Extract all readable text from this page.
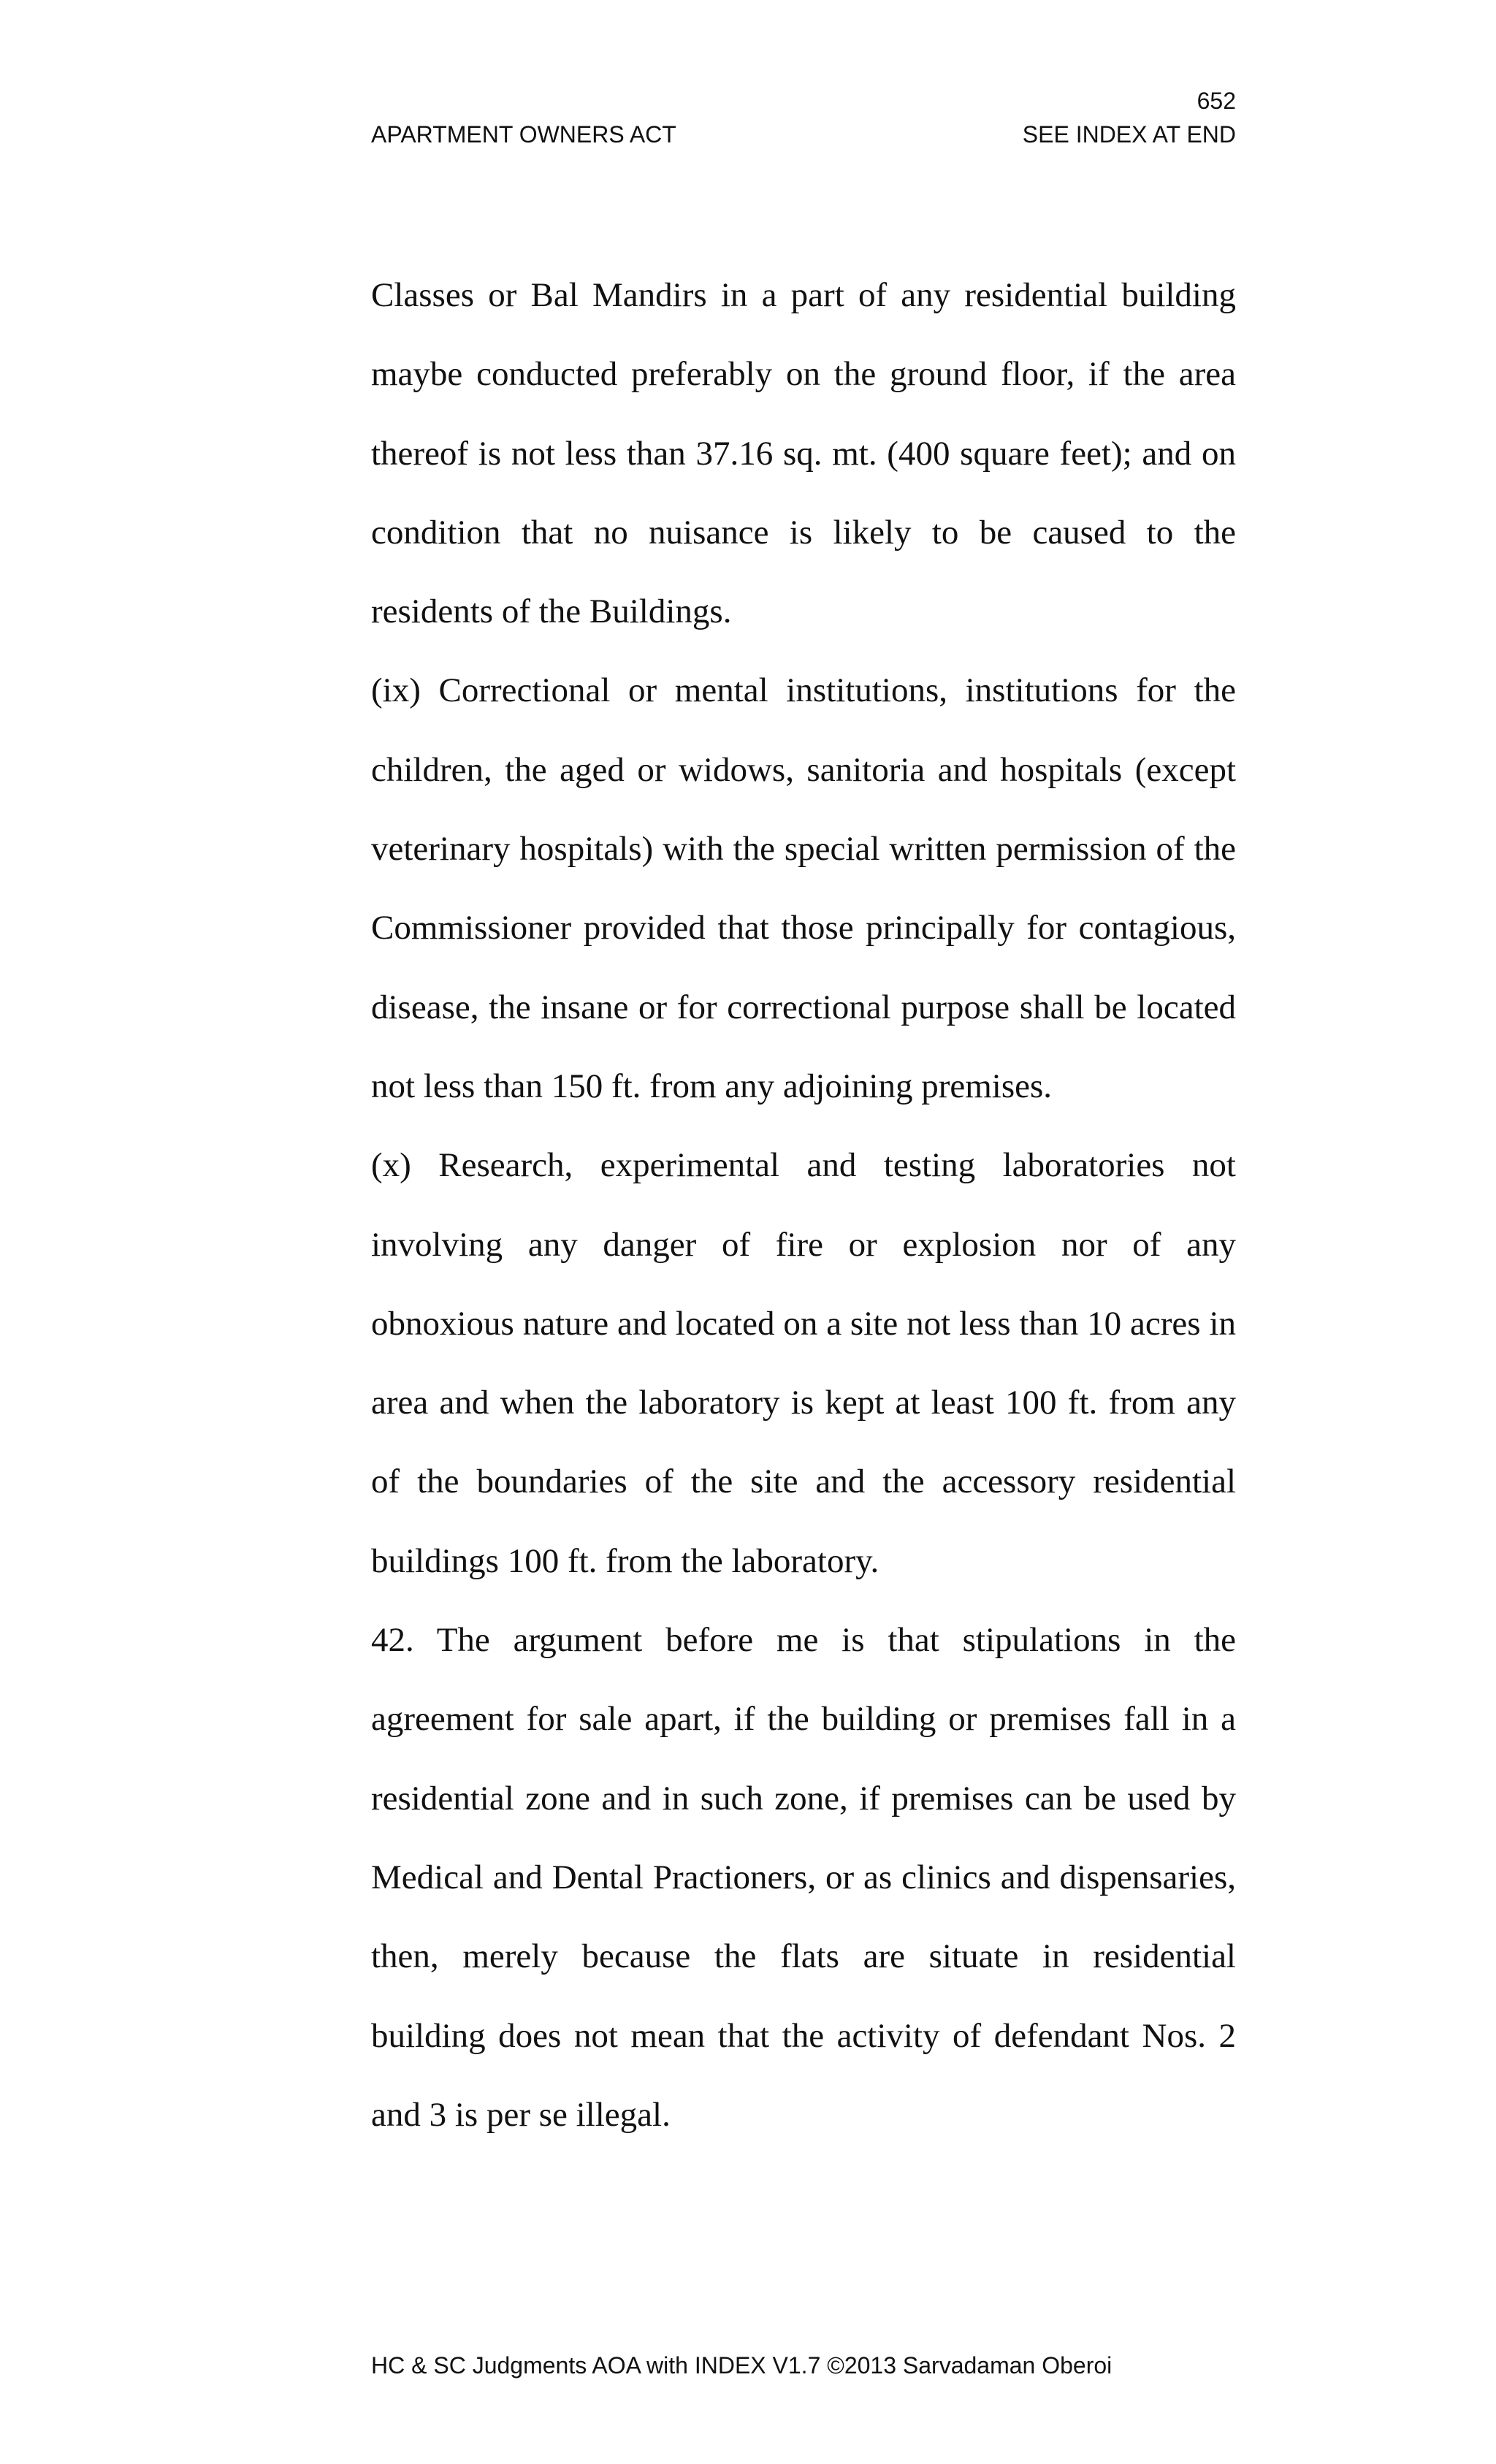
652
APARTMENT OWNERS ACT	SEE INDEX AT END

Classes or Bal Mandirs in a part of any residential building maybe conducted preferably on the ground floor, if the area thereof is not less than 37.16 sq. mt. (400 square feet); and on condition that no nuisance is likely to be caused to the residents of the Buildings.

(ix) Correctional or mental institutions, institutions for the children, the aged or widows, sanitoria and hospitals (except veterinary hospitals) with the special written permission of the Commissioner provided that those principally for contagious, disease, the insane or for correctional purpose shall be located not less than 150 ft. from any adjoining premises.

(x) Research, experimental and testing laboratories not involving any danger of fire or explosion nor of any obnoxious nature and located on a site not less than 10 acres in area and when the laboratory is kept at least 100 ft. from any of the boundaries of the site and the accessory residential buildings 100 ft. from the laboratory.

42. The argument before me is that stipulations in the agreement for sale apart, if the building or premises fall in a residential zone and in such zone, if premises can be used by Medical and Dental Practioners, or as clinics and dispensaries, then, merely because the flats are situate in residential building does not mean that the activity of defendant Nos. 2 and 3 is per se illegal.

HC & SC Judgments AOA with INDEX V1.7 ©2013 Sarvadaman Oberoi
